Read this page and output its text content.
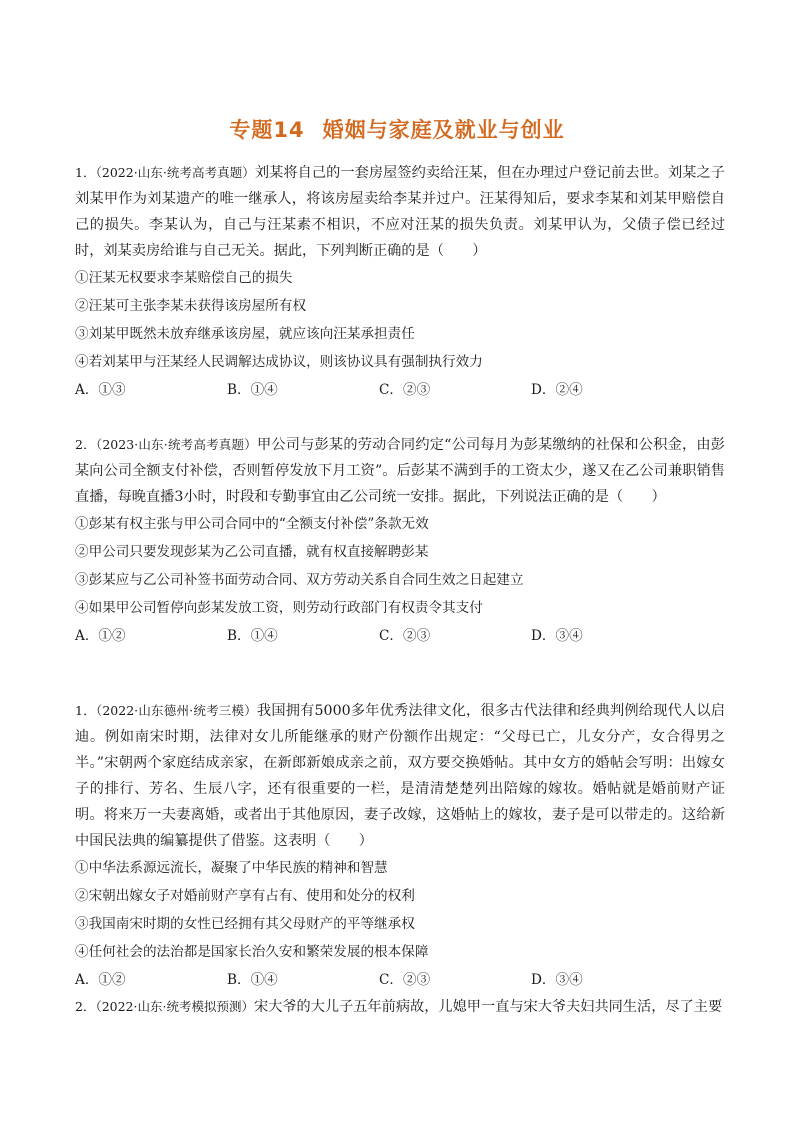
专题14 婚姻与家庭及就业与创业

1．（2022·山东·统考高考真题）刘某将自己的一套房屋签约卖给汪某，但在办理过户登记前去世。刘某之子刘某甲作为刘某遗产的唯一继承人，将该房屋卖给李某并过户。汪某得知后，要求李某和刘某甲赔偿自己的损失。李某认为，自己与汪某素不相识，不应对汪某的损失负责。刘某甲认为，父债子偿已经过时，刘某卖房给谁与自己无关。据此，下列判断正确的是（　　）

①汪某无权要求李某赔偿自己的损失

②汪某可主张李某未获得该房屋所有权

③刘某甲既然未放弃继承该房屋，就应该向汪某承担责任

④若刘某甲与汪某经人民调解达成协议，则该协议具有强制执行效力

A．①③	B．①④	C．②③	D．②④

2．（2023·山东·统考高考真题）甲公司与彭某的劳动合同约定“公司每月为彭某缴纳的社保和公积金，由彭某向公司全额支付补偿，否则暂停发放下月工资”。后彭某不满到手的工资太少，遂又在乙公司兼职销售直播，每晚直播3小时，时段和专勤事宜由乙公司统一安排。据此，下列说法正确的是（　　）

①彭某有权主张与甲公司合同中的“全额支付补偿”条款无效

②甲公司只要发现彭某为乙公司直播，就有权直接解聘彭某

③彭某应与乙公司补签书面劳动合同、双方劳动关系自合同生效之日起建立

④如果甲公司暂停向彭某发放工资，则劳动行政部门有权责令其支付

A．①②	B．①④	C．②③	D．③④

1．（2022·山东德州·统考三模）我国拥有5000多年优秀法律文化，很多古代法律和经典判例给现代人以启迪。例如南宋时期，法律对女儿所能继承的财产份额作出规定：“父母已亡，儿女分产，女合得男之半。”宋朝两个家庭结成亲家，在新郎新娘成亲之前，双方要交换婚帖。其中女方的婚帖会写明：出嫁女子的排行、芳名、生辰八字，还有很重要的一栏，是清清楚楚列出陪嫁的嫁妆。婚帖就是婚前财产证明。将来万一夫妻离婚，或者出于其他原因，妻子改嫁，这婚帖上的嫁妆，妻子是可以带走的。这给新中国民法典的编纂提供了借鉴。这表明（　　）

①中华法系源远流长，凝聚了中华民族的精神和智慧

②宋朝出嫁女子对婚前财产享有占有、使用和处分的权利

③我国南宋时期的女性已经拥有其父母财产的平等继承权

④任何社会的法治都是国家长治久安和繁荣发展的根本保障

A．①②	B．①④	C．②③	D．③④

2．（2022·山东·统考模拟预测）宋大爷的大儿子五年前病故，儿媳甲一直与宋大爷夫妇共同生活，尽了主要
